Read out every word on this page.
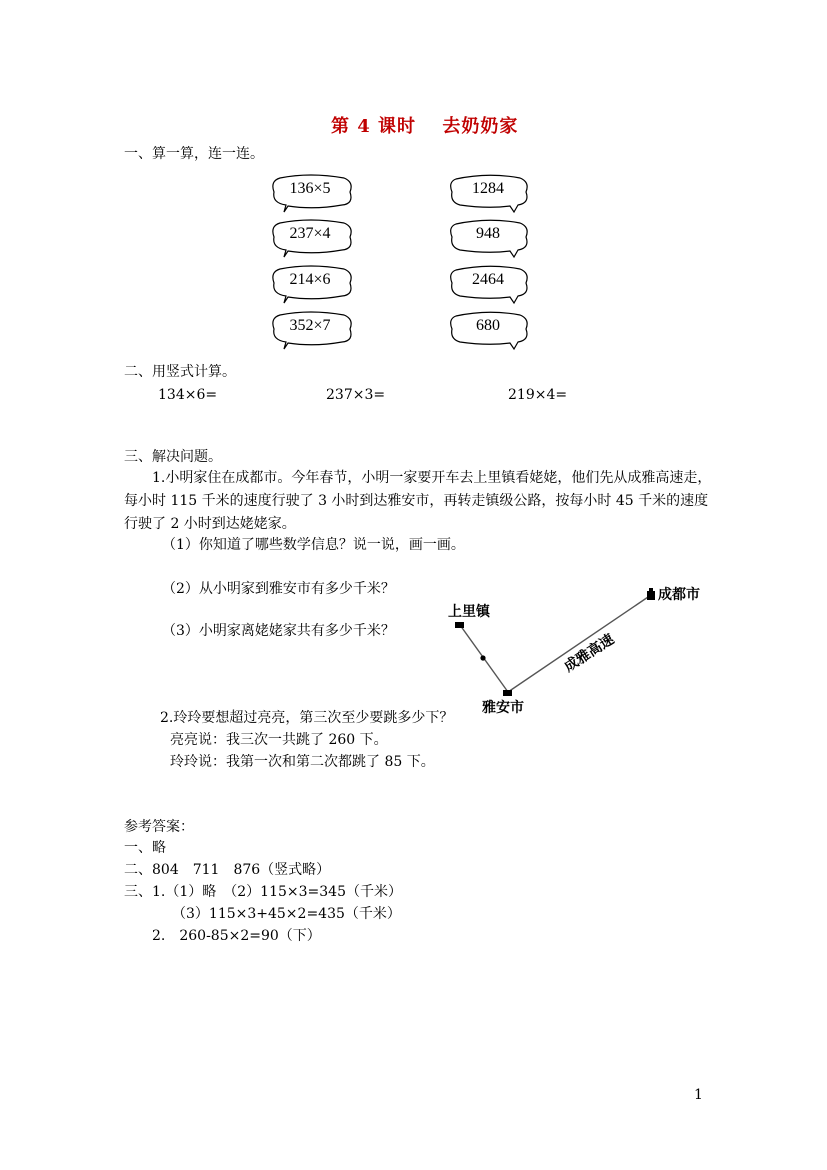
第 4 课时　 去奶奶家
一、算一算，连一连。
136×5
237×4
214×6
352×7
1284
948
2464
680
二、用竖式计算。
134×6=	237×3=	219×4=
三、解决问题。
1.小明家住在成都市。今年春节，小明一家要开车去上里镇看姥姥，他们先从成雅高速走，每小时 115 千米的速度行驶了 3 小时到达雅安市，再转走镇级公路，按每小时 45 千米的速度行驶了 2 小时到达姥姥家。
（1）你知道了哪些数学信息？说一说，画一画。
（2）从小明家到雅安市有多少千米？
（3）小明家离姥姥家共有多少千米？
成都市
上里镇
雅安市
成雅高速
2.玲玲要想超过亮亮，第三次至少要跳多少下？
亮亮说：我三次一共跳了 260 下。
玲玲说：我第一次和第二次都跳了 85 下。
参考答案：
一、略
二、804　711　876（竖式略）
三、1.（1）略　（2）115×3=345（千米）
（3）115×3+45×2=435（千米）
2.　260-85×2=90（下）
1
